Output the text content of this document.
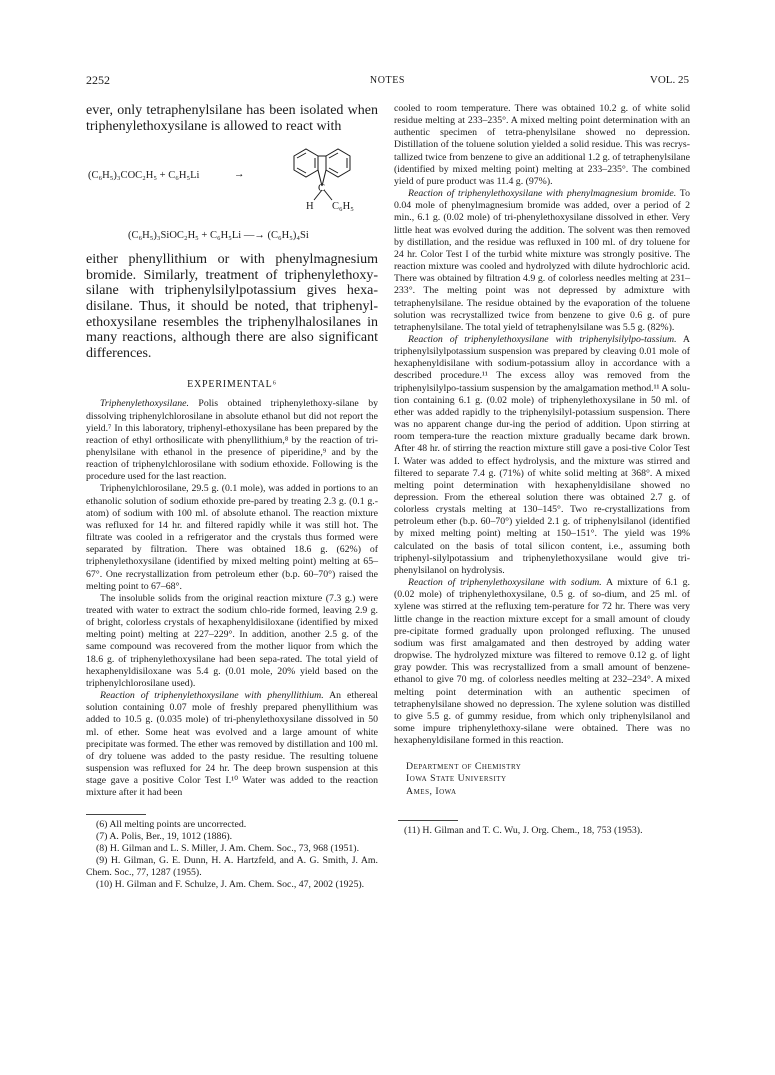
2252	NOTES	VOL. 25

ever, only tetraphenylsilane has been isolated when triphenylethoxysilane is allowed to react with

(C₆H₅)₃COC₂H₅ + C₆H₅Li	→
C
H C₆H₅
(C₆H₅)₃SiOC₂H₅ + C₆H₅Li —→ (C₆H₅)₄Si

either phenyllithium or with phenylmagnesium bromide. Similarly, treatment of triphenylethoxy-silane with triphenylsilylpotassium gives hexa-disilane. Thus, it should be noted, that triphenyl-ethoxysilane resembles the triphenylhalosilanes in many reactions, although there are also significant differences.

EXPERIMENTAL⁶

Triphenylethoxysilane. Polis obtained triphenylethoxy-silane by dissolving triphenylchlorosilane in absolute ethanol but did not report the yield.⁷ In this laboratory, triphenyl-ethoxysilane has been prepared by the reaction of ethyl orthosilicate with phenyllithium,⁸ by the reaction of tri-phenylsilane with ethanol in the presence of piperidine,⁹ and by the reaction of triphenylchlorosilane with sodium ethoxide. Following is the procedure used for the last reaction.

Triphenylchlorosilane, 29.5 g. (0.1 mole), was added in portions to an ethanolic solution of sodium ethoxide pre-pared by treating 2.3 g. (0.1 g.-atom) of sodium with 100 ml. of absolute ethanol. The reaction mixture was refluxed for 14 hr. and filtered rapidly while it was still hot. The filtrate was cooled in a refrigerator and the crystals thus formed were separated by filtration. There was obtained 18.6 g. (62%) of triphenylethoxysilane (identified by mixed melting point) melting at 65–67°. One recrystallization from petroleum ether (b.p. 60–70°) raised the melting point to 67–68°.

The insoluble solids from the original reaction mixture (7.3 g.) were treated with water to extract the sodium chlo-ride formed, leaving 2.9 g. of bright, colorless crystals of hexaphenyldisiloxane (identified by mixed melting point) melting at 227–229°. In addition, another 2.5 g. of the same compound was recovered from the mother liquor from which the 18.6 g. of triphenylethoxysilane had been sepa-rated. The total yield of hexaphenyldisiloxane was 5.4 g. (0.01 mole, 20% yield based on the triphenylchlorosilane used).

Reaction of triphenylethoxysilane with phenyllithium. An ethereal solution containing 0.07 mole of freshly prepared phenyllithium was added to 10.5 g. (0.035 mole) of tri-phenylethoxysilane dissolved in 50 ml. of ether. Some heat was evolved and a large amount of white precipitate was formed. The ether was removed by distillation and 100 ml. of dry toluene was added to the pasty residue. The resulting toluene suspension was refluxed for 24 hr. The deep brown suspension at this stage gave a positive Color Test I.¹⁰ Water was added to the reaction mixture after it had been

(6) All melting points are uncorrected.

(7) A. Polis, Ber., 19, 1012 (1886).

(8) H. Gilman and L. S. Miller, J. Am. Chem. Soc., 73, 968 (1951).

(9) H. Gilman, G. E. Dunn, H. A. Hartzfeld, and A. G. Smith, J. Am. Chem. Soc., 77, 1287 (1955).

(10) H. Gilman and F. Schulze, J. Am. Chem. Soc., 47, 2002 (1925).

cooled to room temperature. There was obtained 10.2 g. of white solid residue melting at 233–235°. A mixed melting point determination with an authentic specimen of tetra-phenylsilane showed no depression. Distillation of the toluene solution yielded a solid residue. This was recrys-tallized twice from benzene to give an additional 1.2 g. of tetraphenylsilane (identified by mixed melting point) melting at 233–235°. The combined yield of pure product was 11.4 g. (97%).

Reaction of triphenylethoxysilane with phenylmagnesium bromide. To 0.04 mole of phenylmagnesium bromide was added, over a period of 2 min., 6.1 g. (0.02 mole) of tri-phenylethoxysilane dissolved in ether. Very little heat was evolved during the addition. The solvent was then removed by distillation, and the residue was refluxed in 100 ml. of dry toluene for 24 hr. Color Test I of the turbid white mixture was strongly positive. The reaction mixture was cooled and hydrolyzed with dilute hydrochloric acid. There was obtained by filtration 4.9 g. of colorless needles melting at 231–233°. The melting point was not depressed by admixture with tetraphenylsilane. The residue obtained by the evaporation of the toluene solution was recrystallized twice from benzene to give 0.6 g. of pure tetraphenylsilane. The total yield of tetraphenylsilane was 5.5 g. (82%).

Reaction of triphenylethoxysilane with triphenylsilylpo-tassium. A triphenylsilylpotassium suspension was prepared by cleaving 0.01 mole of hexaphenyldisilane with sodium-potassium alloy in accordance with a described procedure.¹¹ The excess alloy was removed from the triphenylsilylpo-tassium suspension by the amalgamation method.¹¹ A solu-tion containing 6.1 g. (0.02 mole) of triphenylethoxysilane in 50 ml. of ether was added rapidly to the triphenylsilyl-potassium suspension. There was no apparent change dur-ing the period of addition. Upon stirring at room tempera-ture the reaction mixture gradually became dark brown. After 48 hr. of stirring the reaction mixture still gave a posi-tive Color Test I. Water was added to effect hydrolysis, and the mixture was stirred and filtered to separate 7.4 g. (71%) of white solid melting at 368°. A mixed melting point determination with hexaphenyldisilane showed no depression. From the ethereal solution there was obtained 2.7 g. of colorless crystals melting at 130–145°. Two re-crystallizations from petroleum ether (b.p. 60–70°) yielded 2.1 g. of triphenylsilanol (identified by mixed melting point) melting at 150–151°. The yield was 19% calculated on the basis of total silicon content, i.e., assuming both triphenyl-silylpotassium and triphenylethoxysilane would give tri-phenylsilanol on hydrolysis.

Reaction of triphenylethoxysilane with sodium. A mixture of 6.1 g. (0.02 mole) of triphenylethoxysilane, 0.5 g. of so-dium, and 25 ml. of xylene was stirred at the refluxing tem-perature for 72 hr. There was very little change in the reaction mixture except for a small amount of cloudy pre-cipitate formed gradually upon prolonged refluxing. The unused sodium was first amalgamated and then destroyed by adding water dropwise. The hydrolyzed mixture was filtered to remove 0.12 g. of light gray powder. This was recrystallized from a small amount of benzene-ethanol to give 70 mg. of colorless needles melting at 232–234°. A mixed melting point determination with an authentic specimen of tetraphenylsilane showed no depression. The xylene solution was distilled to give 5.5 g. of gummy residue, from which only triphenylsilanol and some impure triphenylethoxy-silane were obtained. There was no hexaphenyldisilane formed in this reaction.

Department of Chemistry
Iowa State University
Ames, Iowa

(11) H. Gilman and T. C. Wu, J. Org. Chem., 18, 753 (1953).
